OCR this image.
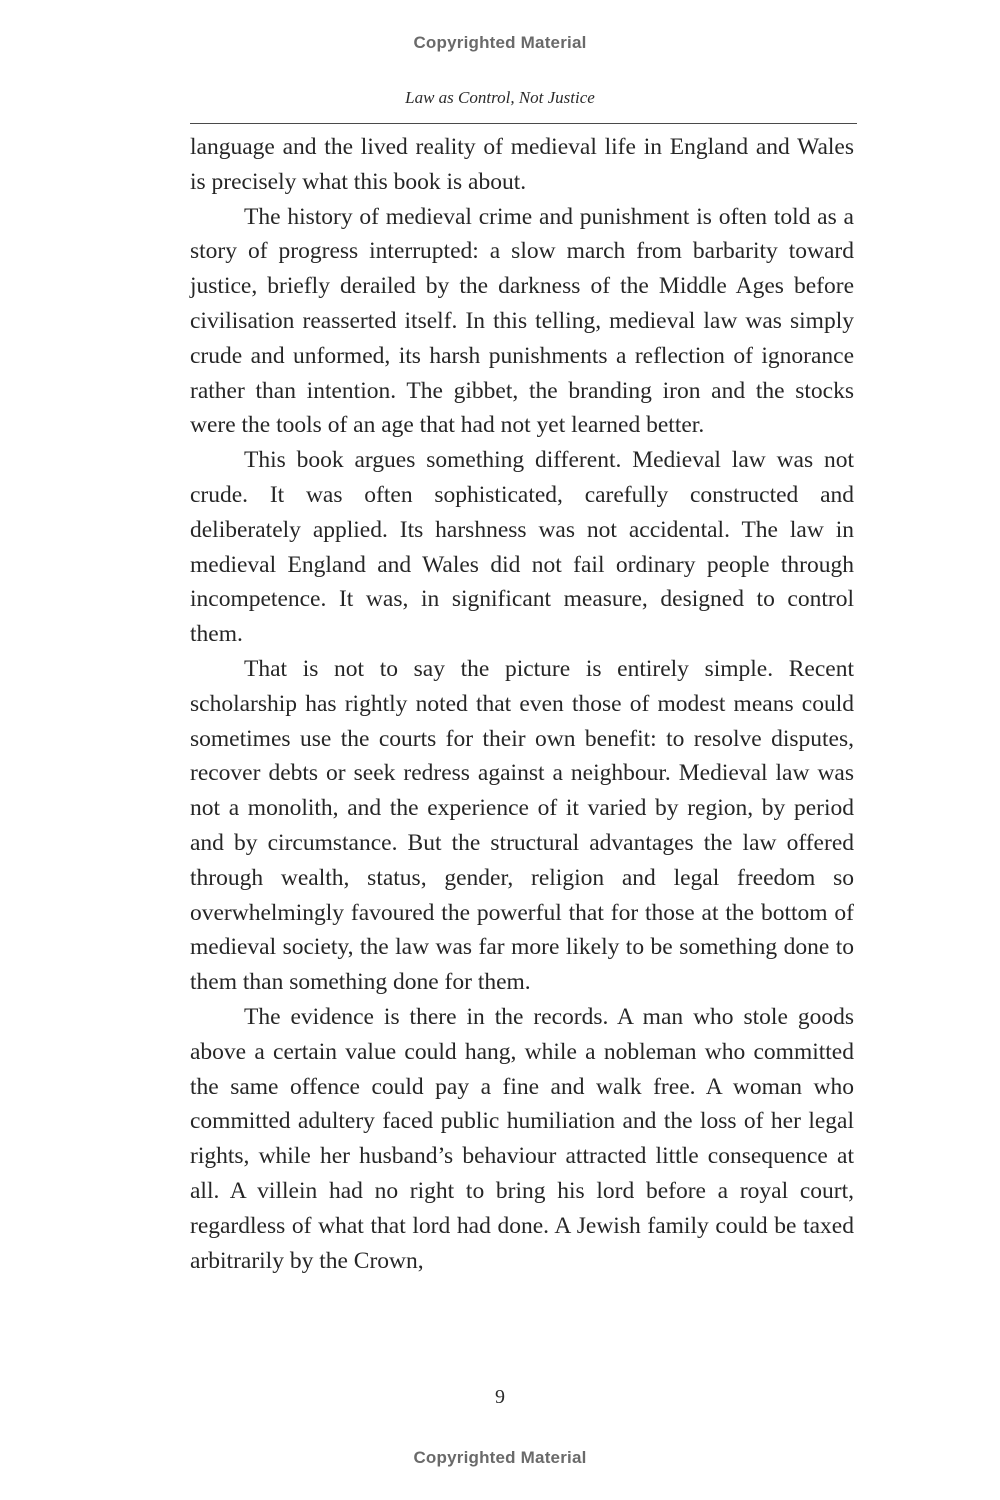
Copyrighted Material
Law as Control, Not Justice

language and the lived reality of medieval life in England and Wales is precisely what this book is about.

The history of medieval crime and punishment is often told as a story of progress interrupted: a slow march from barbarity toward justice, briefly derailed by the darkness of the Middle Ages before civilisation reasserted itself. In this telling, medieval law was simply crude and unformed, its harsh punishments a reflection of ignorance rather than intention. The gibbet, the branding iron and the stocks were the tools of an age that had not yet learned better.

This book argues something different. Medieval law was not crude. It was often sophisticated, carefully constructed and deliberately applied. Its harshness was not accidental. The law in medieval England and Wales did not fail ordinary people through incompetence. It was, in significant measure, designed to control them.

That is not to say the picture is entirely simple. Recent scholarship has rightly noted that even those of modest means could sometimes use the courts for their own benefit: to resolve disputes, recover debts or seek redress against a neighbour. Medieval law was not a monolith, and the experience of it varied by region, by period and by circumstance. But the structural advantages the law offered through wealth, status, gender, religion and legal freedom so overwhelmingly favoured the powerful that for those at the bottom of medieval society, the law was far more likely to be something done to them than something done for them.

The evidence is there in the records. A man who stole goods above a certain value could hang, while a nobleman who committed the same offence could pay a fine and walk free. A woman who committed adultery faced public humiliation and the loss of her legal rights, while her husband’s behaviour attracted little consequence at all. A villein had no right to bring his lord before a royal court, regardless of what that lord had done. A Jewish family could be taxed arbitrarily by the Crown,

9
Copyrighted Material
